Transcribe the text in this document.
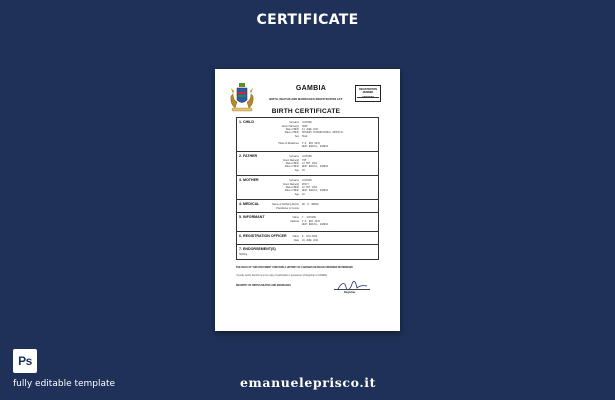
CERTIFICATE
GAMBIA
BIRTH, DEATHS AND MARRIAGES REGISTRATION ACT
BIRTH CERTIFICATE
REGISTRATION NUMBER
#7007082
1. CHILD	Surname	JACKSON
Given Names(s)	MARK
Date of Birth	13 JUNE 2021
Place of Birth	MOTHERS INTERNATIONAL HOSPITAL
Sex	MALE
Place of Residence	P.O. BOX 4045
WEST BANJUL, GAMBIA
2. FATHER	Surname	JACKSON
Given Name(s)	TOM
Date of Birth	12 MAY 1991
Place of Birth	WEST BANJUL, GAMBIA
Age	30
3. MOTHER	Surname	JACKSON
Given Name(s)	EMILY
Date of Birth	22 MAY 1993
Place of Birth	WEST BANJUL, GAMBIA
Age	28
4. MEDICAL	Name of Notifying Doctor	DR. M. BROWN
Practitioner or Centre
5. INFORMANT	Name	T. JACKSON
Address	P.O. BOX 4045
WEST BANJUL, GAMBIA
6. REGISTRATION OFFICER	Name	R. WILLIAMS
Date	20 JUNE 2021
7. ENDORSEMENT(S)
Nothing
THE BACK OF THIS DOCUMENT CONTAINS A HISTORY OF CHANGES DETAILED SPECIMEN WATERMARK
I hereby certify that this is a true copy of particulars in possession of Registrar of GAMBIA
REGISTRY OF BIRTHS DEATHS AND MARRIAGES
Registrar
Ps
fully editable template	emanueleprisco.it
